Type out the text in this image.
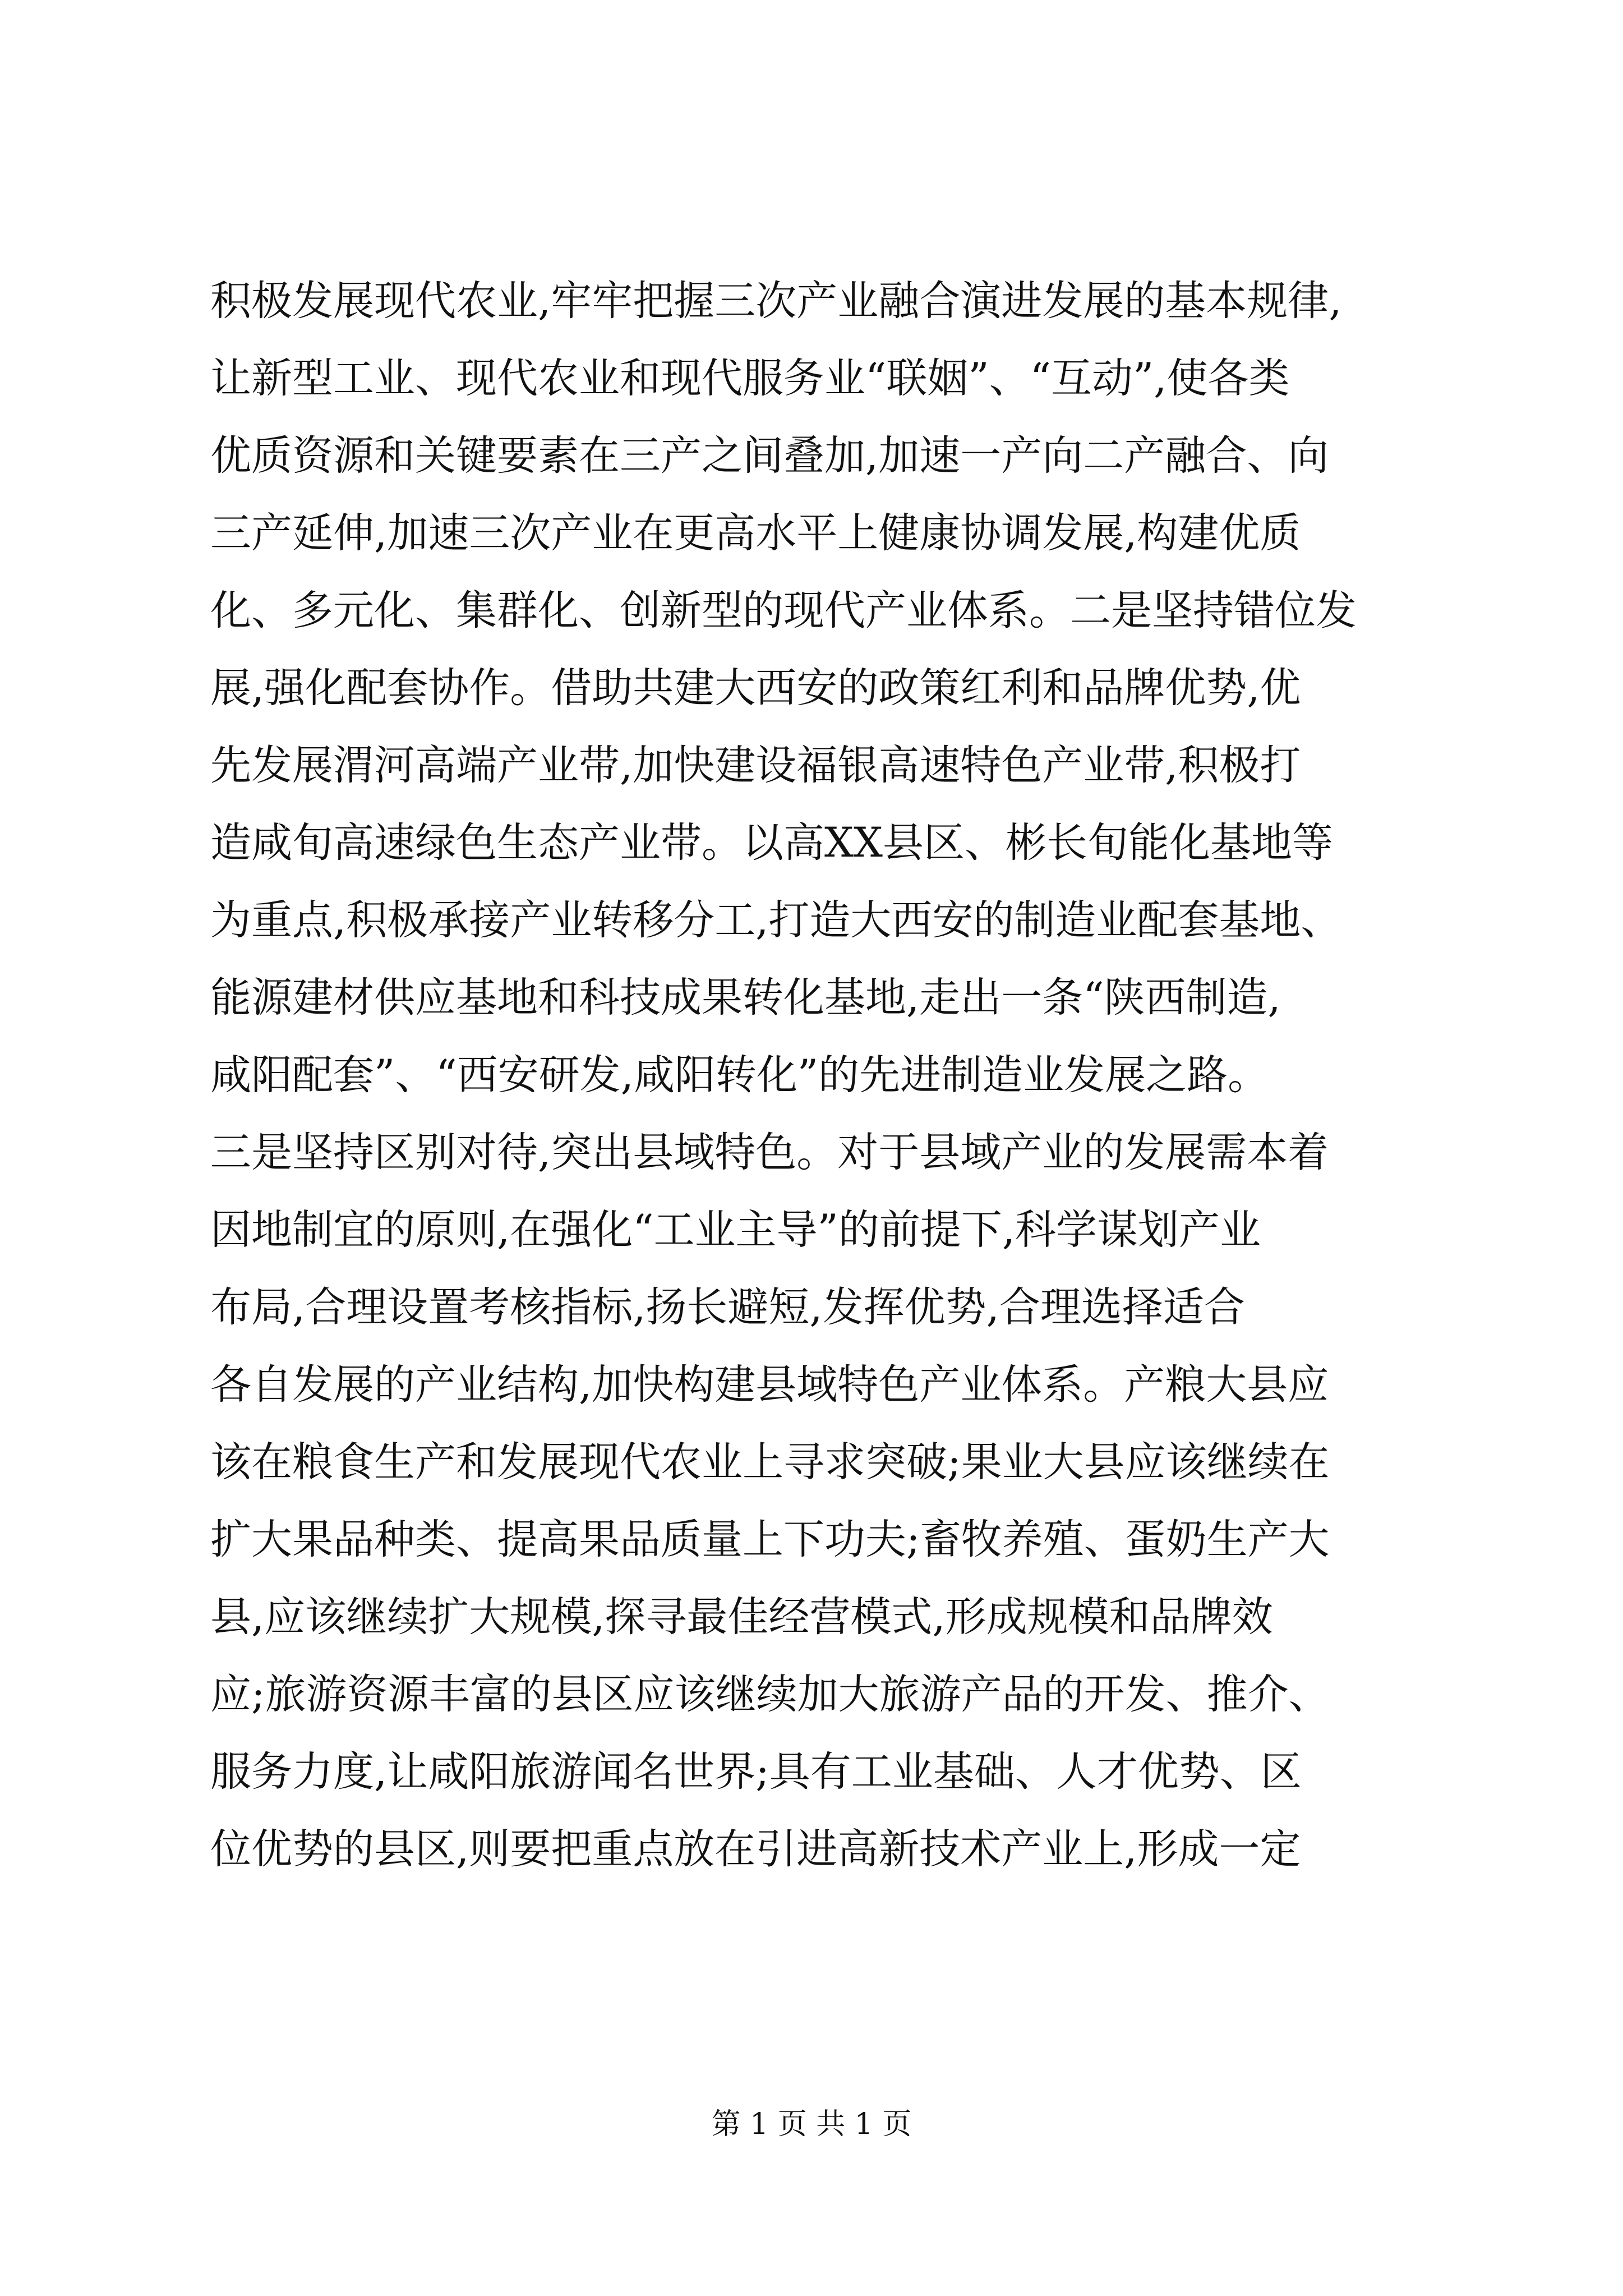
积极发展现代农业,牢牢把握三次产业融合演进发展的基本规律,
让新型工业、现代农业和现代服务业“联姻”、“互动”,使各类
优质资源和关键要素在三产之间叠加,加速一产向二产融合、向
三产延伸,加速三次产业在更高水平上健康协调发展,构建优质
化、多元化、集群化、创新型的现代产业体系。二是坚持错位发
展,强化配套协作。借助共建大西安的政策红利和品牌优势,优
先发展渭河高端产业带,加快建设福银高速特色产业带,积极打
造咸旬高速绿色生态产业带。以高XX县区、彬长旬能化基地等
为重点,积极承接产业转移分工,打造大西安的制造业配套基地、
能源建材供应基地和科技成果转化基地,走出一条“陕西制造,
咸阳配套”、“西安研发,咸阳转化”的先进制造业发展之路。
三是坚持区别对待,突出县域特色。对于县域产业的发展需本着
因地制宜的原则,在强化“工业主导”的前提下,科学谋划产业
布局,合理设置考核指标,扬长避短,发挥优势,合理选择适合
各自发展的产业结构,加快构建县域特色产业体系。产粮大县应
该在粮食生产和发展现代农业上寻求突破;果业大县应该继续在
扩大果品种类、提高果品质量上下功夫;畜牧养殖、蛋奶生产大
县,应该继续扩大规模,探寻最佳经营模式,形成规模和品牌效
应;旅游资源丰富的县区应该继续加大旅游产品的开发、推介、
服务力度,让咸阳旅游闻名世界;具有工业基础、人才优势、区
位优势的县区,则要把重点放在引进高新技术产业上,形成一定
第 1 页 共 1 页
